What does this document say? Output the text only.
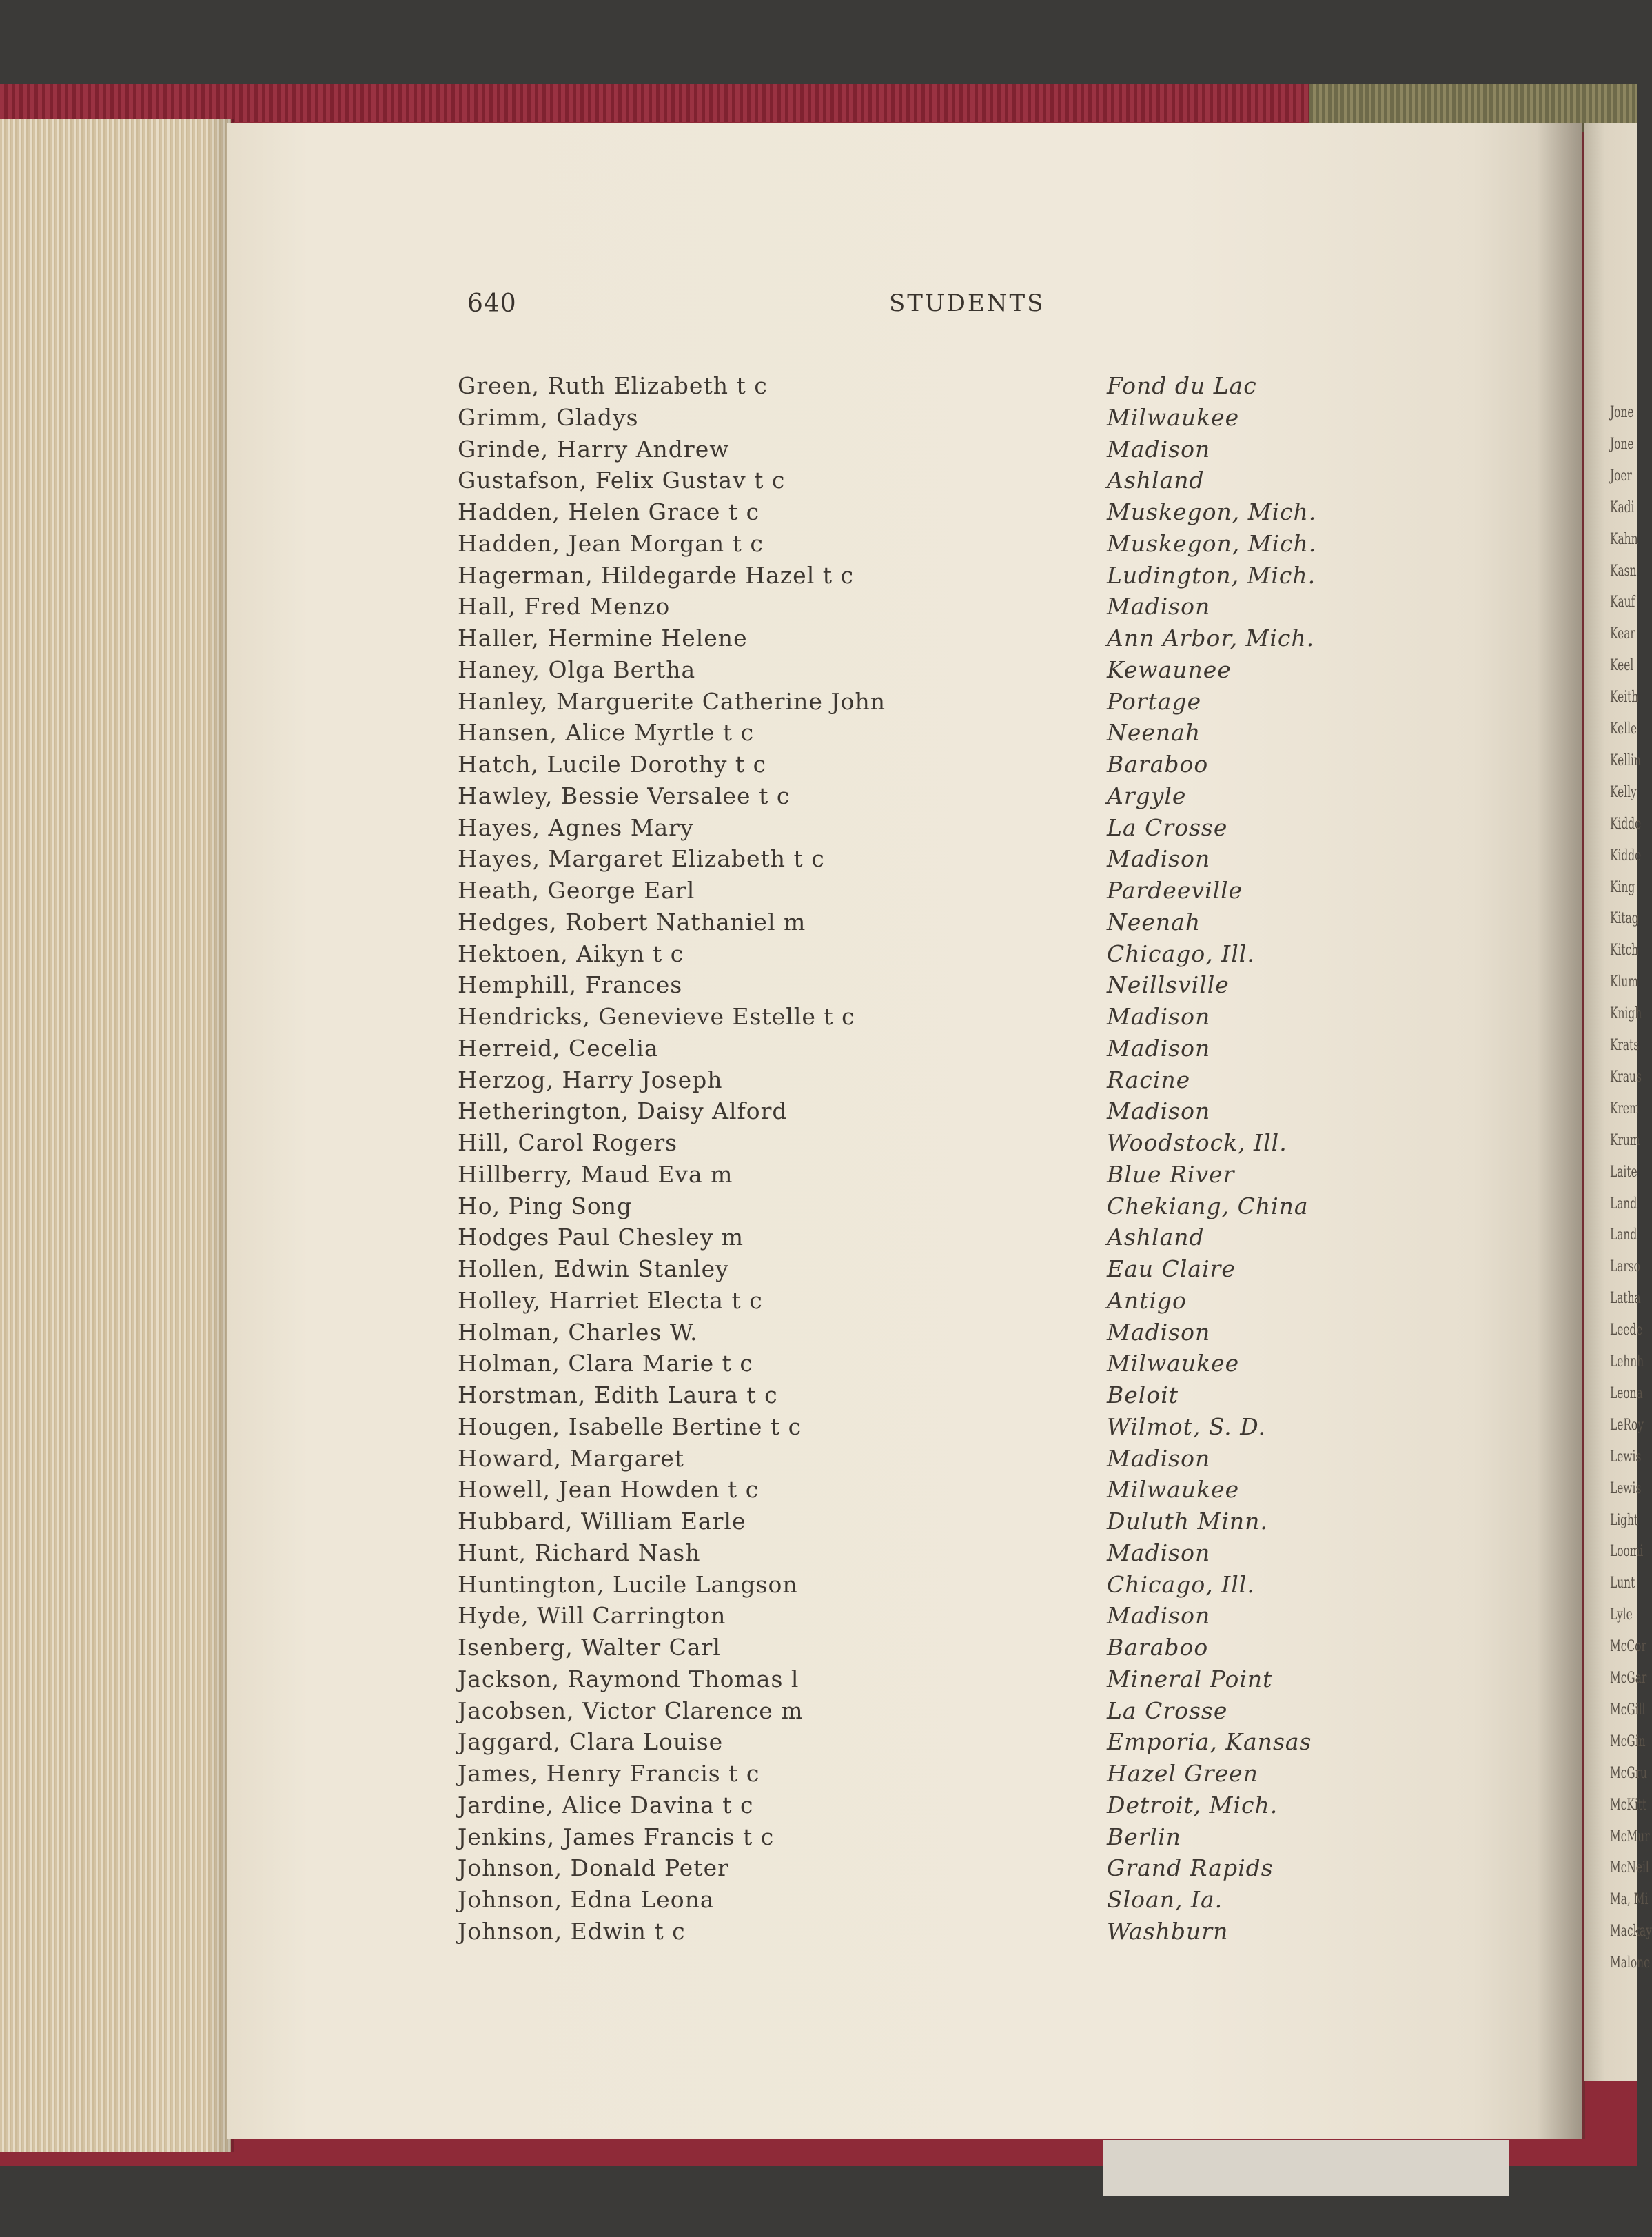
Jone
Jone
Joer
Kadi
Kahn
Kasn
Kauf
Kear
Keel
Keith
Kelle
Kellin
Kelly
Kidde
Kidde
King
Kitag
Kitch
Klum
Knigh
Krats
Kraus
Krem
Krum
Laite
Land
Land
Larso
Latha
Leede
Lehnh
Leona
LeRoy
Lewis
Lewis
Light
Loomi
Lunt
Lyle
McCor
McGar
McGill
McGin
McGru
McKitt
McMur
McNeil
Ma, Mi
Mackay
Malone
640	STUDENTS
Green, Ruth Elizabeth t c	Fond du Lac
Grimm, Gladys	Milwaukee
Grinde, Harry Andrew	Madison
Gustafson, Felix Gustav t c	Ashland
Hadden, Helen Grace t c	Muskegon, Mich.
Hadden, Jean Morgan t c	Muskegon, Mich.
Hagerman, Hildegarde Hazel t c	Ludington, Mich.
Hall, Fred Menzo	Madison
Haller, Hermine Helene	Ann Arbor, Mich.
Haney, Olga Bertha	Kewaunee
Hanley, Marguerite Catherine John	Portage
Hansen, Alice Myrtle t c	Neenah
Hatch, Lucile Dorothy t c	Baraboo
Hawley, Bessie Versalee t c	Argyle
Hayes, Agnes Mary	La Crosse
Hayes, Margaret Elizabeth t c	Madison
Heath, George Earl	Pardeeville
Hedges, Robert Nathaniel m	Neenah
Hektoen, Aikyn t c	Chicago, Ill.
Hemphill, Frances	Neillsville
Hendricks, Genevieve Estelle t c	Madison
Herreid, Cecelia	Madison
Herzog, Harry Joseph	Racine
Hetherington, Daisy Alford	Madison
Hill, Carol Rogers	Woodstock, Ill.
Hillberry, Maud Eva m	Blue River
Ho, Ping Song	Chekiang, China
Hodges Paul Chesley m	Ashland
Hollen, Edwin Stanley	Eau Claire
Holley, Harriet Electa t c	Antigo
Holman, Charles W.	Madison
Holman, Clara Marie t c	Milwaukee
Horstman, Edith Laura t c	Beloit
Hougen, Isabelle Bertine t c	Wilmot, S. D.
Howard, Margaret	Madison
Howell, Jean Howden t c	Milwaukee
Hubbard, William Earle	Duluth Minn.
Hunt, Richard Nash	Madison
Huntington, Lucile Langson	Chicago, Ill.
Hyde, Will Carrington	Madison
Isenberg, Walter Carl	Baraboo
Jackson, Raymond Thomas l	Mineral Point
Jacobsen, Victor Clarence m	La Crosse
Jaggard, Clara Louise	Emporia, Kansas
James, Henry Francis t c	Hazel Green
Jardine, Alice Davina t c	Detroit, Mich.
Jenkins, James Francis t c	Berlin
Johnson, Donald Peter	Grand Rapids
Johnson, Edna Leona	Sloan, Ia.
Johnson, Edwin t c	Washburn
